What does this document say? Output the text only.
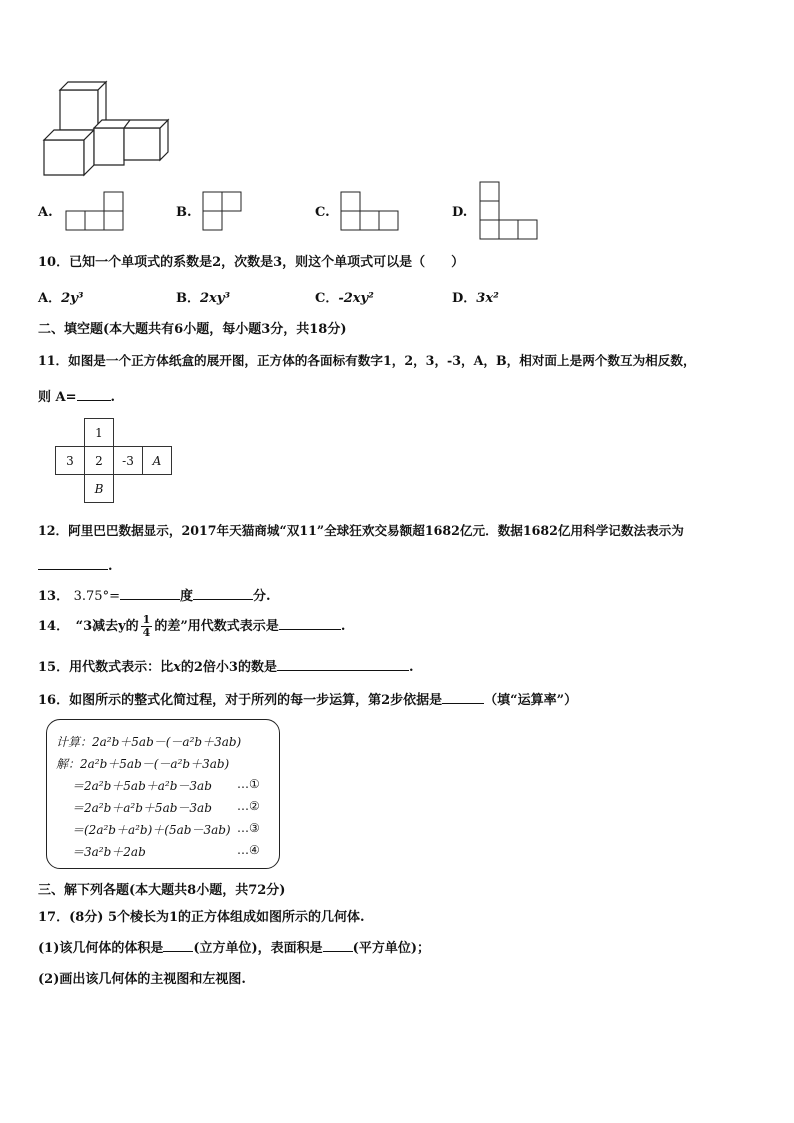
A.	B.	C.	D.
10．已知一个单项式的系数是2，次数是3，则这个单项式可以是（　　）
A．2y³	B．2xy³	C．-2xy²	D．3x²
二、填空题(本大题共有6小题，每小题3分，共18分)
11．如图是一个正方体纸盒的展开图，正方体的各面标有数字1，2，3，-3，A，B，相对面上是两个数互为相反数，
则 A=	.
	1		
3	2	-3	A
	B		
12．阿里巴巴数据显示，2017年天猫商城“双11”全球狂欢交易额超1682亿元．数据1682亿用科学记数法表示为
.
13． 3.75°=	度	分.
14．　“3减去y的 $\frac{1}{4}$ 的差”用代数式表示是	.
15．用代数式表示：比x的2倍小3的数是	.
16．如图所示的整式化简过程，对于所列的每一步运算，第2步依据是	（填“运算率”）
计算：2a²b＋5ab－(－a²b＋3ab)
解：2a²b＋5ab－(－a²b＋3ab)
＝2a²b＋5ab＋a²b－3ab …①
＝2a²b＋a²b＋5ab－3ab …②
＝(2a²b＋a²b)＋(5ab－3ab) …③
＝3a²b＋2ab	…④
三、解下列各题(本大题共8小题，共72分)
17．(8分) 5个棱长为1的正方体组成如图所示的几何体.
(1)该几何体的体积是 (立方单位)，表面积是 (平方单位)；
(2)画出该几何体的主视图和左视图.
